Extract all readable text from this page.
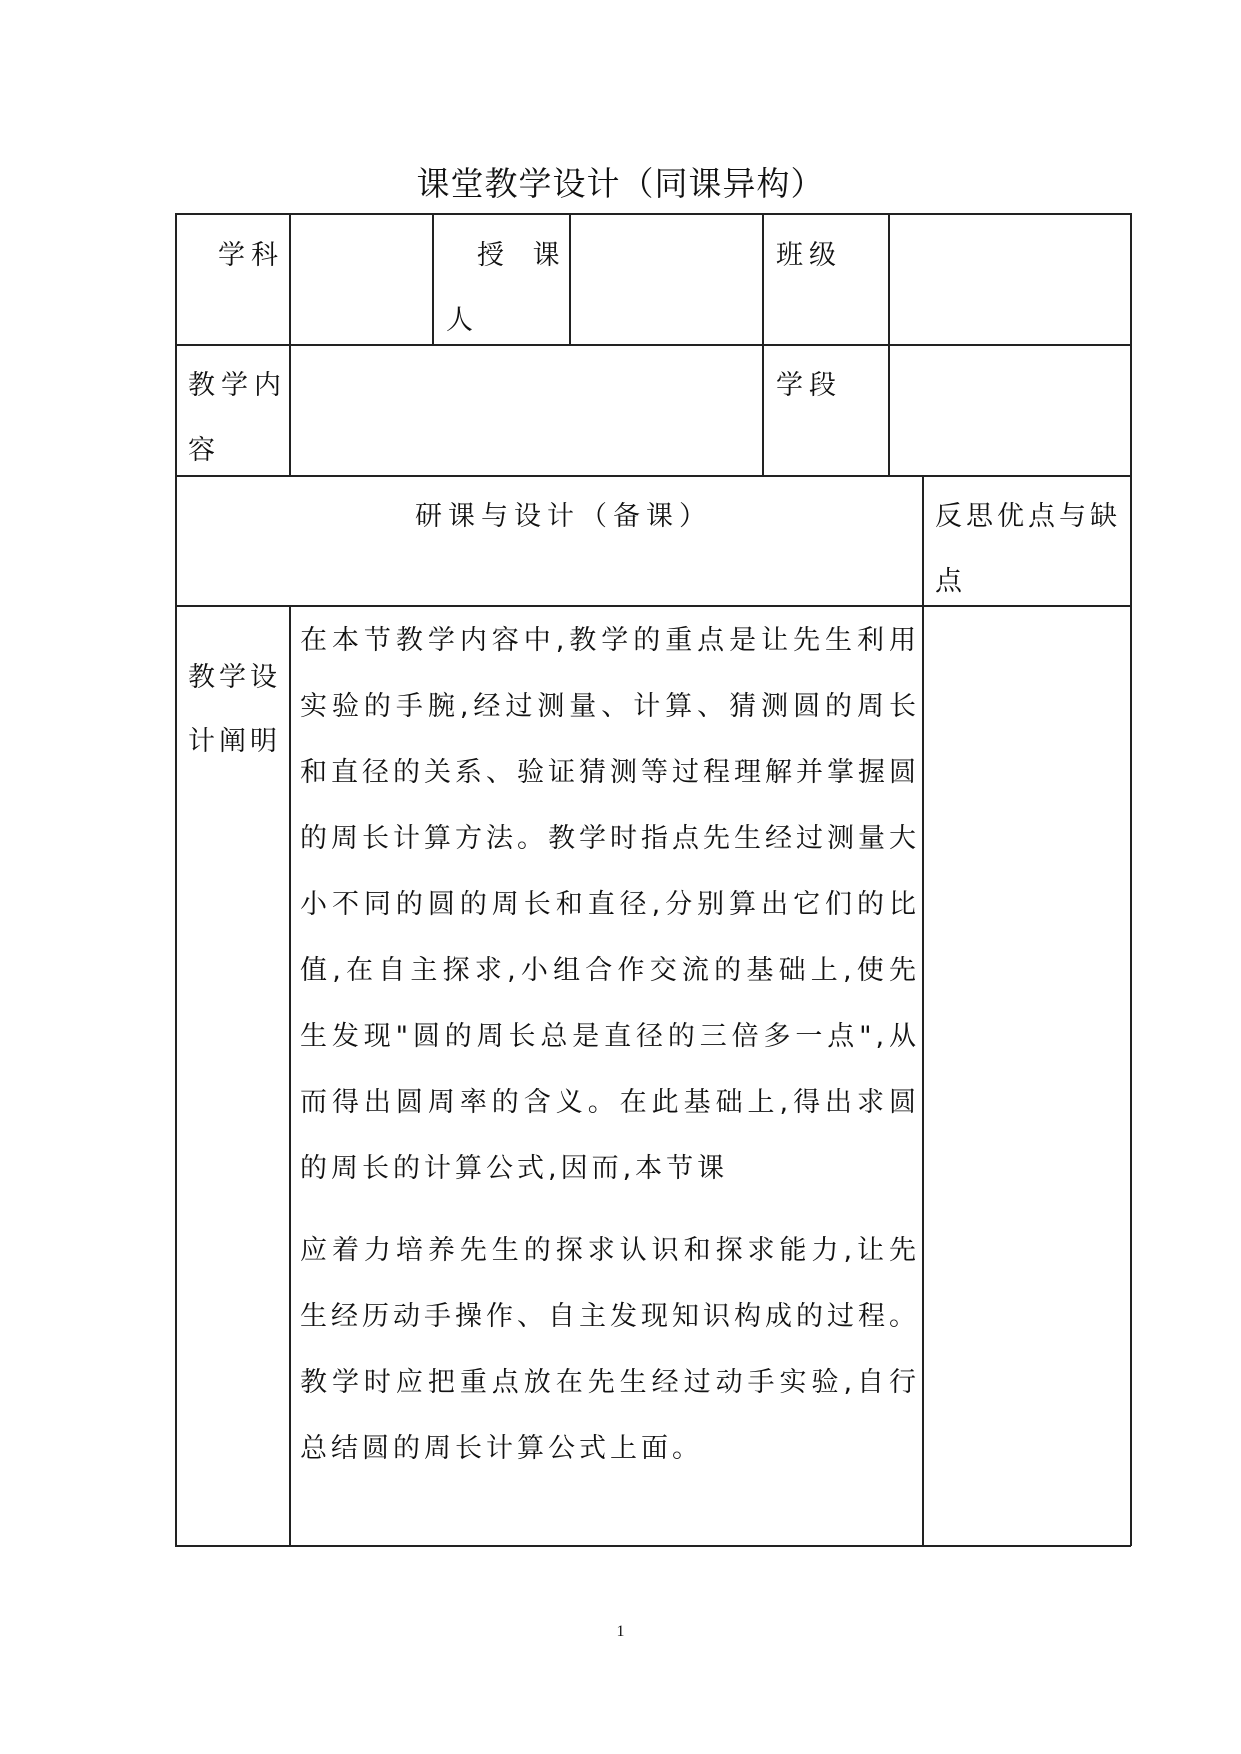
课堂教学设计（同课异构）
学科	授 课
人
班级
教学内
容
学段
研课与设计（备课）	反思优点与缺
点
教学设
计阐明
在本节教学内容中,教学的重点是让先生利用实验的手腕,经过测量、计算、猜测圆的周长和直径的关系、验证猜测等过程理解并掌握圆的周长计算方法。教学时指点先生经过测量大小不同的圆的周长和直径,分别算出它们的比值,在自主探求,小组合作交流的基础上,使先生发现"圆的周长总是直径的三倍多一点",从而得出圆周率的含义。在此基础上,得出求圆的周长的计算公式,因而,本节课
应着力培养先生的探求认识和探求能力,让先生经历动手操作、自主发现知识构成的过程。教学时应把重点放在先生经过动手实验,自行总结圆的周长计算公式上面。
1
